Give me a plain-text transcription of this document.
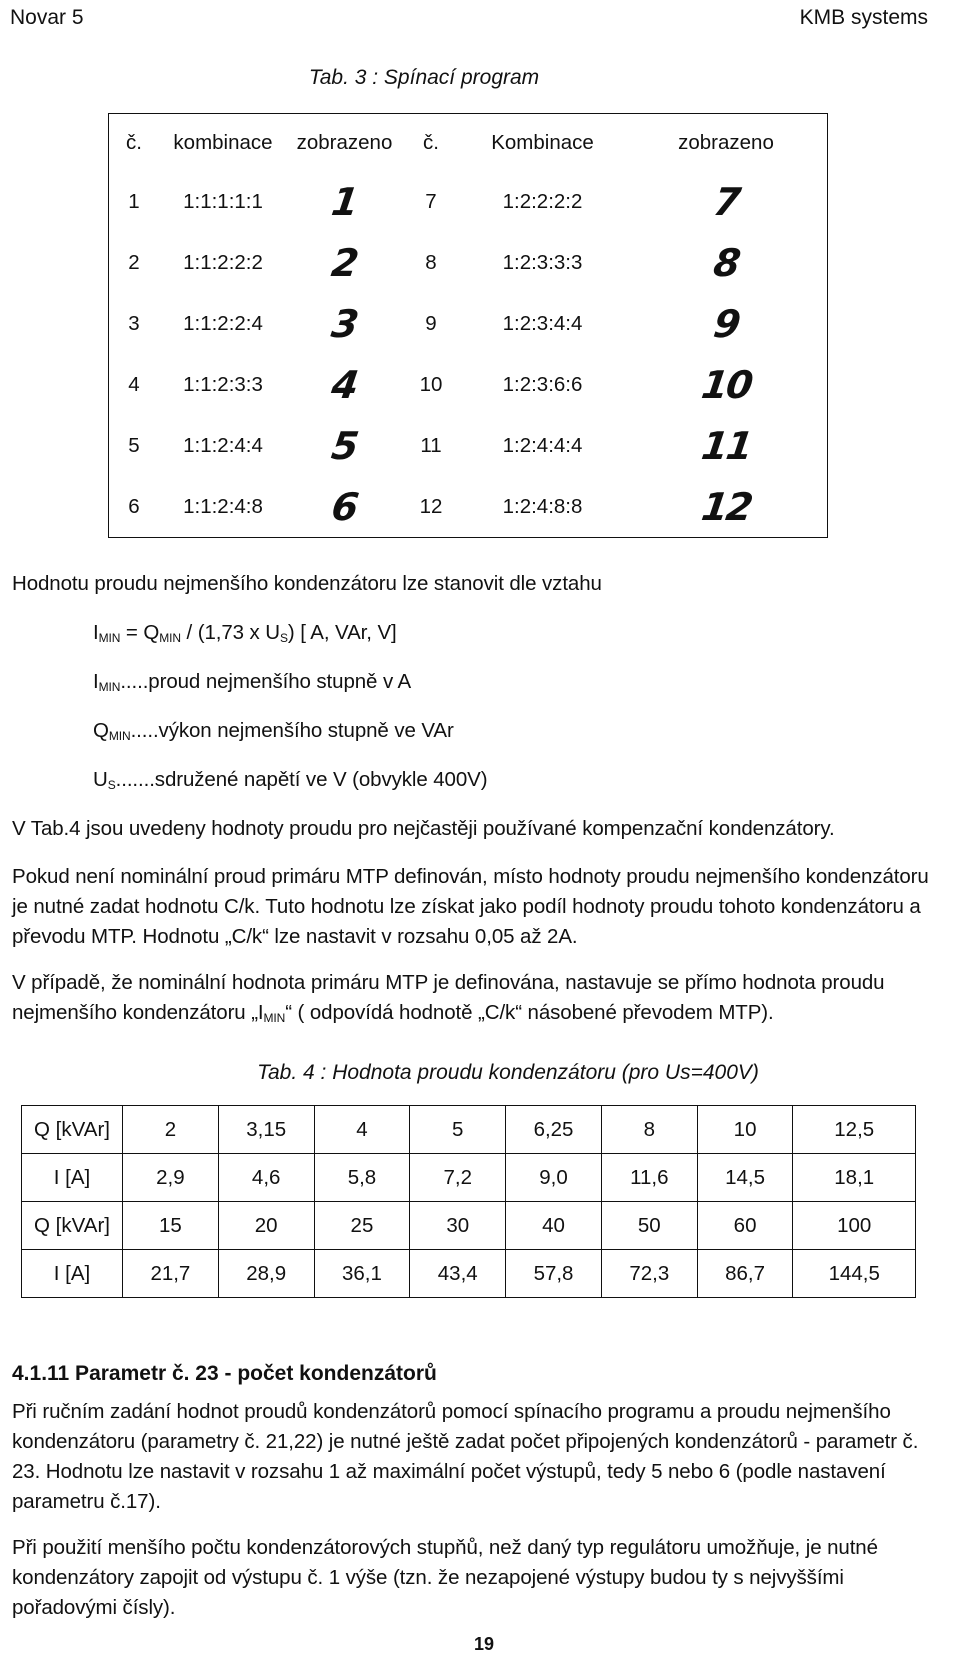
Novar 5	KMB systems
Tab. 3 : Spínací program
č.	kombinace	zobrazeno	č.	Kombinace	zobrazeno
1	1:1:1:1:1	1	7	1:2:2:2:2	7
2	1:1:2:2:2	2	8	1:2:3:3:3	8
3	1:1:2:2:4	3	9	1:2:3:4:4	9
4	1:1:2:3:3	4	10	1:2:3:6:6	10
5	1:1:2:4:4	5	11	1:2:4:4:4	11
6	1:1:2:4:8	6	12	1:2:4:8:8	12
Hodnotu proudu nejmenšího kondenzátoru lze stanovit dle vztahu
$I_{MIN} = Q_{MIN} / (1,73$ x $U_S$) [ A, VAr, V]
$I_{MIN}.....proud$ nejmenšího stupně v A
$Q_{MIN}.....výkon$ nejmenšího stupně ve VAr
$U_S.......sdružené$ napětí ve V (obvykle 400V)
V Tab.4 jsou uvedeny hodnoty proudu pro nejčastěji používané kompenzační kondenzátory.
Pokud není nominální proud primáru MTP definován, místo hodnoty proudu nejmenšího kondenzátoru je nutné zadat hodnotu C/k. Tuto hodnotu lze získat jako podíl hodnoty proudu tohoto kondenzátoru a převodu MTP. Hodnotu „C/k“ lze nastavit v rozsahu 0,05 až 2A.
V případě, že nominální hodnota primáru MTP je definována, nastavuje se přímo hodnota proudu nejmenšího kondenzátoru $„I_{MIN}“$ ( odpovídá hodnotě „C/k“ násobené převodem MTP).
Tab. 4 : Hodnota proudu kondenzátoru (pro Us=400V)
Q [kVAr]	2	3,15	4	5	6,25	8	10	12,5
I [A]	2,9	4,6	5,8	7,2	9,0	11,6	14,5	18,1
Q [kVAr]	15	20	25	30	40	50	60	100
I [A]	21,7	28,9	36,1	43,4	57,8	72,3	86,7	144,5
4.1.11 Parametr č. 23 - počet kondenzátorů
Při ručním zadání hodnot proudů kondenzátorů pomocí spínacího programu a proudu nejmenšího kondenzátoru (parametry č. 21,22) je nutné ještě zadat počet připojených kondenzátorů - parametr č. 23. Hodnotu lze nastavit v rozsahu 1 až maximální počet výstupů, tedy 5 nebo 6 (podle nastavení parametru č.17).
Při použití menšího počtu kondenzátorových stupňů, než daný typ regulátoru umožňuje, je nutné kondenzátory zapojit od výstupu č. 1 výše (tzn. že nezapojené výstupy budou ty s nejvyššími pořadovými čísly).
19
